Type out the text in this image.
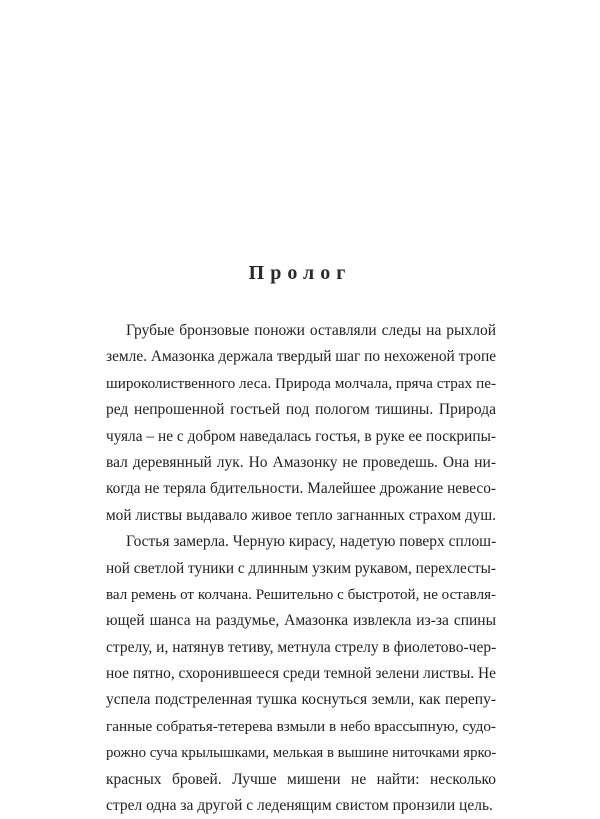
Пролог
Грубые бронзовые поножи оставляли следы на рыхлой
земле. Амазонка держала твердый шаг по нехоженой тропе
широколиственного леса. Природа молчала, пряча страх пе-
ред непрошенной гостьей под пологом тишины. Природа
чуяла – не с добром наведалась гостья, в руке ее поскрипы-
вал деревянный лук. Но Амазонку не проведешь. Она ни-
когда не теряла бдительности. Малейшее дрожание невесо-
мой листвы выдавало живое тепло загнанных страхом душ.
Гостья замерла. Черную кирасу, надетую поверх сплош-
ной светлой туники с длинным узким рукавом, перехлесты-
вал ремень от колчана. Решительно с быстротой, не оставля-
ющей шанса на раздумье, Амазонка извлекла из-за спины
стрелу, и, натянув тетиву, метнула стрелу в фиолетово-чер-
ное пятно, схоронившееся среди темной зелени листвы. Не
успела подстреленная тушка коснуться земли, как перепу-
ганные собратья-тетерева взмыли в небо врассыпную, судо-
рожно суча крылышками, мелькая в вышине ниточками ярко-
красных бровей. Лучше мишени не найти: несколько
стрел одна за другой с леденящим свистом пронзили цель.
